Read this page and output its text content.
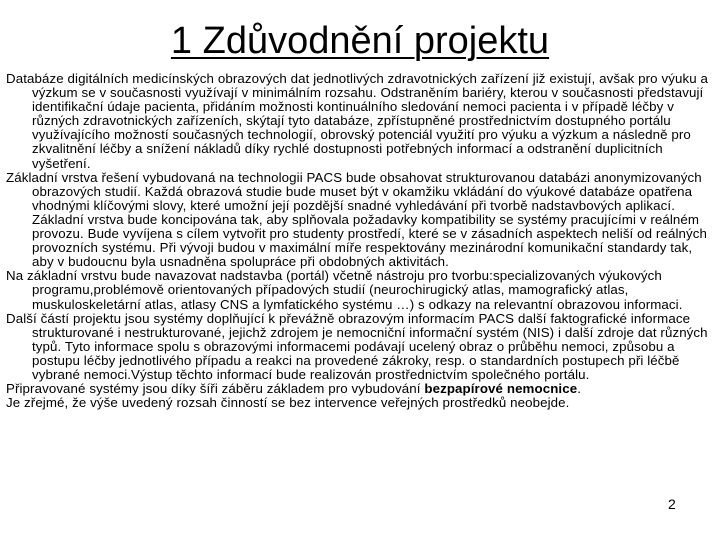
1 Zdůvodnění projektu

Databáze digitálních medicínských obrazových dat jednotlivých zdravotnických zařízení již existují, avšak pro výuku a výzkum se v současnosti využívají v minimálním rozsahu. Odstraněním bariéry, kterou v současnosti představují identifikační údaje pacienta, přidáním možnosti kontinuálního sledování nemoci pacienta i v případě léčby v různých zdravotnických zařízeních, skýtají tyto databáze, zpřístupněné prostřednictvím dostupného portálu využívajícího možností současných technologií, obrovský potenciál využití pro výuku a výzkum a následně pro zkvalitnění léčby a snížení nákladů díky rychlé dostupnosti potřebných informací a odstranění duplicitních vyšetření.

Základní vrstva řešení vybudovaná na technologii PACS bude obsahovat strukturovanou databázi anonymizovaných obrazových studií. Každá obrazová studie bude muset být v okamžiku vkládání do výukové databáze opatřena vhodnými klíčovými slovy, které umožní její pozdější snadné vyhledávání při tvorbě nadstavbových aplikací. Základní vrstva bude koncipována tak, aby splňovala požadavky kompatibility se systémy pracujícími v reálném provozu. Bude vyvíjena s cílem vytvořit pro studenty prostředí, které se v zásadních aspektech neliší od reálných provozních systému. Při vývoji budou v maximální míře respektovány mezinárodní komunikační standardy tak, aby v budoucnu byla usnadněna spolupráce při obdobných aktivitách.

Na základní vrstvu bude navazovat nadstavba (portál) včetně nástroju pro tvorbu:specializovaných výukových programu,problémově orientovaných případových studií (neurochirugický atlas, mamografický atlas, muskuloskeletární atlas, atlasy CNS a lymfatického systému …) s odkazy na relevantní obrazovou informaci.

Další částí projektu jsou systémy doplňující k převážně obrazovým informacím PACS další faktografické informace strukturované i nestrukturované, jejichž zdrojem je nemocniční informační systém (NIS) i další zdroje dat různých typů. Tyto informace spolu s obrazovými informacemi podávají ucelený obraz o průběhu nemoci, způsobu a postupu léčby jednotlivého případu a reakci na provedené zákroky, resp. o standardních postupech při léčbě vybrané nemoci.Výstup těchto informací bude realizován prostřednictvím společného portálu.

Připravované systémy jsou díky šíři záběru základem pro vybudování bezpapírové nemocnice.

Je zřejmé, že výše uvedený rozsah činností se bez intervence veřejných prostředků neobejde.

2
